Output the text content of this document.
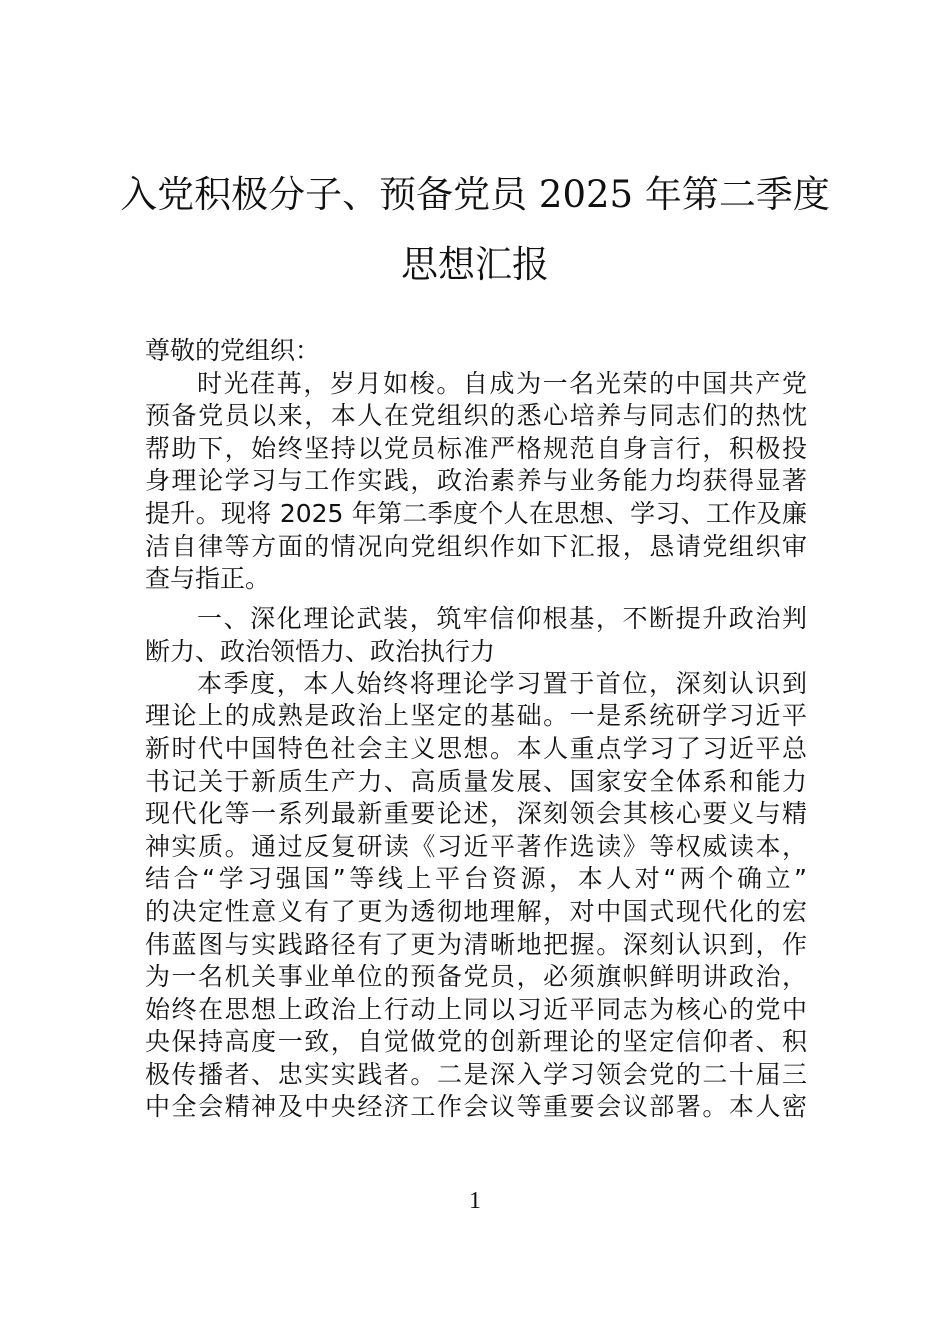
入党积极分子、预备党员 2025 年第二季度
思想汇报
尊敬的党组织：
时光荏苒，岁月如梭。自成为一名光荣的中国共产党
预备党员以来，本人在党组织的悉心培养与同志们的热忱
帮助下，始终坚持以党员标准严格规范自身言行，积极投
身理论学习与工作实践，政治素养与业务能力均获得显著
提升。现将 2025 年第二季度个人在思想、学习、工作及廉
洁自律等方面的情况向党组织作如下汇报，恳请党组织审
查与指正。
一、深化理论武装，筑牢信仰根基，不断提升政治判
断力、政治领悟力、政治执行力
本季度，本人始终将理论学习置于首位，深刻认识到
理论上的成熟是政治上坚定的基础。一是系统研学习近平
新时代中国特色社会主义思想。本人重点学习了习近平总
书记关于新质生产力、高质量发展、国家安全体系和能力
现代化等一系列最新重要论述，深刻领会其核心要义与精
神实质。通过反复研读《习近平著作选读》等权威读本，
结合“学习强国”等线上平台资源，本人对“两个确立”
的决定性意义有了更为透彻地理解，对中国式现代化的宏
伟蓝图与实践路径有了更为清晰地把握。深刻认识到，作
为一名机关事业单位的预备党员，必须旗帜鲜明讲政治，
始终在思想上政治上行动上同以习近平同志为核心的党中
央保持高度一致，自觉做党的创新理论的坚定信仰者、积
极传播者、忠实实践者。二是深入学习领会党的二十届三
中全会精神及中央经济工作会议等重要会议部署。本人密
1
